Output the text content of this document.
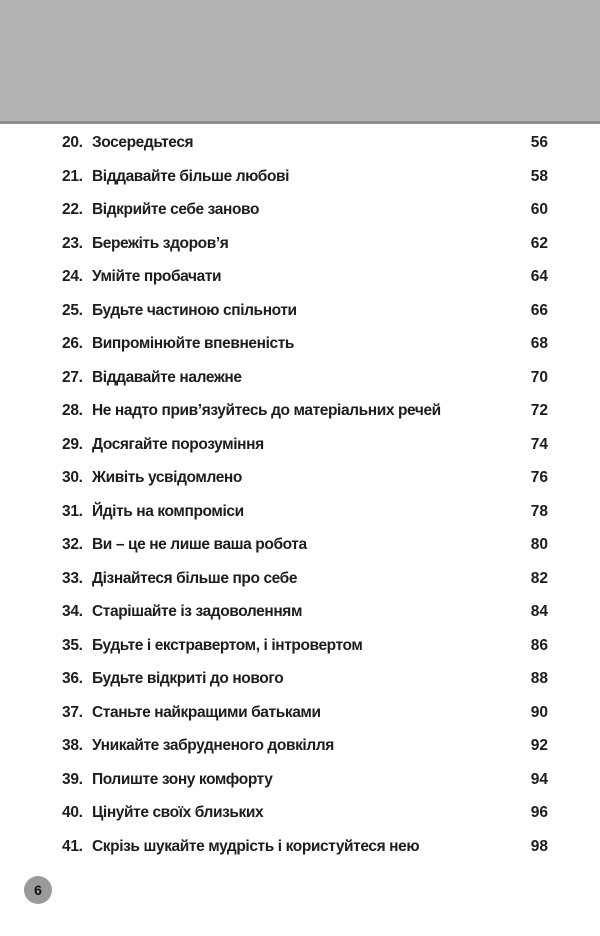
20. Зосередьтеся	56
21. Віддавайте більше любові	58
22. Відкрийте себе заново	60
23. Бережіть здоров’я	62
24. Умійте пробачати	64
25. Будьте частиною спільноти	66
26. Випромінюйте впевненість	68
27. Віддавайте належне	70
28. Не надто прив’язуйтесь до матеріальних речей	72
29. Досягайте порозуміння	74
30. Живіть усвідомлено	76
31. Йдіть на компроміси	78
32. Ви – це не лише ваша робота	80
33. Дізнайтеся більше про себе	82
34. Старішайте із задоволенням	84
35. Будьте і екстравертом, і інтровертом	86
36. Будьте відкриті до нового	88
37. Станьте найкращими батьками	90
38. Уникайте забрудненого довкілля	92
39. Полиште зону комфорту	94
40. Цінуйте своїх близьких	96
41. Скрізь шукайте мудрість і користуйтеся нею	98
6
